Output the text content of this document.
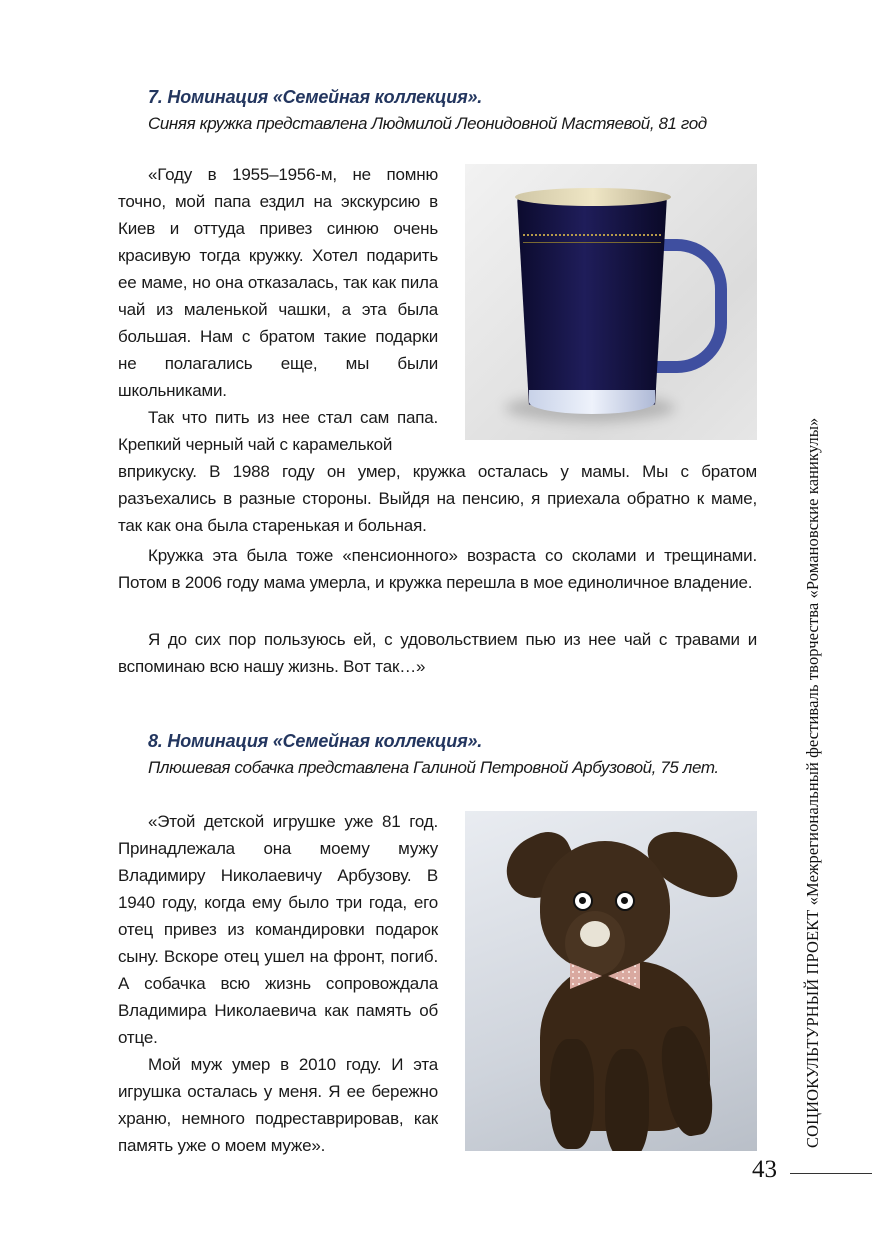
7. Номинация «Семейная коллекция».
Синяя кружка представлена Людмилой Леонидовной Мастяевой, 81 год

«Году в 1955–1956-м, не помню точно, мой папа ездил на экскурсию в Киев и оттуда привез синюю очень красивую тогда кружку. Хотел подарить ее маме, но она отказалась, так как пила чай из маленькой чашки, а эта была большая. Нам с братом такие подарки не полагались еще, мы были школьниками.

Так что пить из нее стал сам папа. Крепкий черный чай с карамелькой

вприкуску. В 1988 году он умер, кружка осталась у мамы. Мы с братом разъехались в разные стороны. Выйдя на пенсию, я приехала обратно к маме, так как она была старенькая и больная.

Кружка эта была тоже «пенсионного» возраста со сколами и трещинами. Потом в 2006 году мама умерла, и кружка перешла в мое единоличное владение.

Я до сих пор пользуюсь ей, с удовольствием пью из нее чай с травами и вспоминаю всю нашу жизнь. Вот так…»

8. Номинация «Семейная коллекция».
Плюшевая собачка представлена Галиной Петровной Арбузовой, 75 лет.

«Этой детской игрушке уже 81 год. Принадлежала она моему мужу Владимиру Николаевичу Арбузову. В 1940 году, когда ему было три года, его отец привез из командировки подарок сыну. Вскоре отец ушел на фронт, погиб. А собачка всю жизнь сопровождала Владимира Николаевича как память об отце.

Мой муж умер в 2010 году. И эта игрушка осталась у меня. Я ее бережно храню, немного подреставрировав, как память уже о моем муже».	СОЦИОКУЛЬТУРНЫЙ ПРОЕКТ «Межрегиональный фестиваль творчества «Романовские каникулы»
43
